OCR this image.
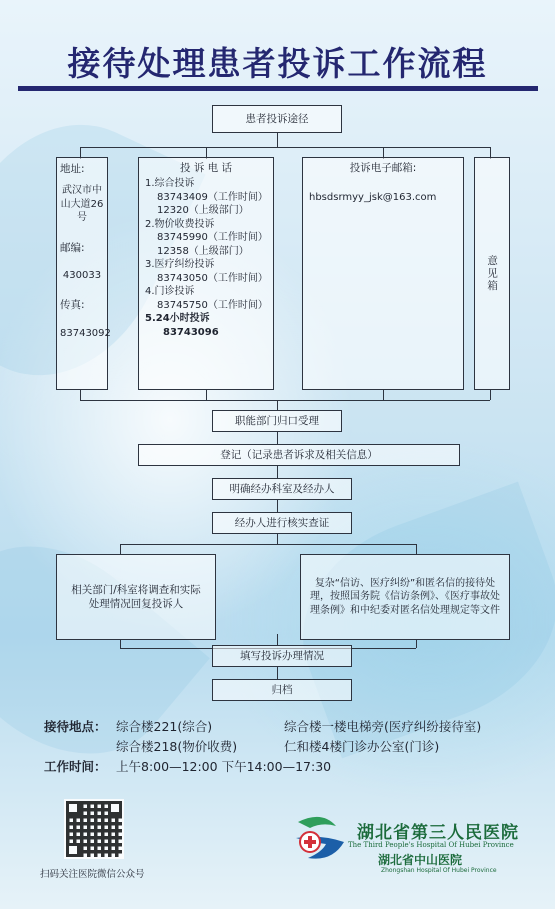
接待处理患者投诉工作流程
患者投诉途径
地址:
武汉市中山大道26号
邮编:
430033
传真:
83743092
投 诉 电 话
1.综合投诉
83743409（工作时间）
12320（上级部门）
2.物价收费投诉
83745990（工作时间）
12358（上级部门）
3.医疗纠纷投诉
83743050（工作时间）
4.门诊投诉
83745750（工作时间）
5.24小时投诉
83743096
投诉电子邮箱:
hbsdsrmyy_jsk@163.com
意见箱
职能部门归口受理
登记（记录患者诉求及相关信息）
明确经办科室及经办人
经办人进行核实查证
相关部门/科室将调查和实际处理情况回复投诉人
复杂“信访、医疗纠纷”和匿名信的接待处理，按照国务院《信访条例》、《医疗事故处理条例》和中纪委对匿名信处理规定等文件
填写投诉办理情况
归档
接待地点： 综合楼221(综合)	综合楼一楼电梯旁(医疗纠纷接待室)
综合楼218(物价收费)	仁和楼4楼门诊办公室(门诊)
工作时间： 上午8:00—12:00 下午14:00—17:30
扫码关注医院微信公众号
湖北省第三人民医院
The Third People's Hospital Of Hubei Province
湖北省中山医院
Zhongshan Hospital Of Hubei Province
